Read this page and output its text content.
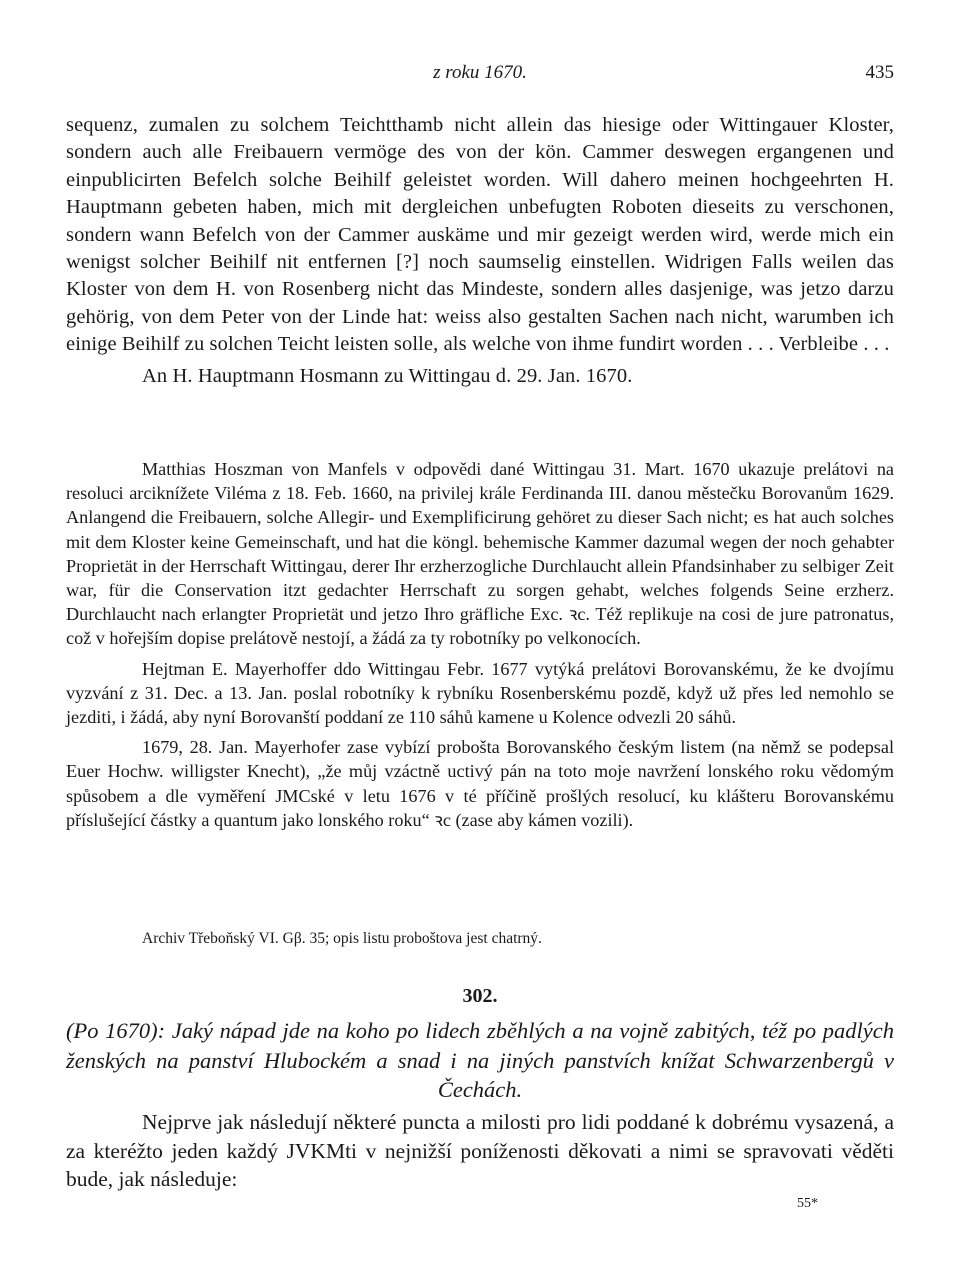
z roku 1670.	435

sequenz, zumalen zu solchem Teichtthamb nicht allein das hiesige oder Wittingauer Kloster, sondern auch alle Freibauern vermöge des von der kön. Cammer deswegen ergangenen und einpublicirten Befelch solche Beihilf geleistet worden. Will dahero meinen hochgeehrten H. Hauptmann gebeten haben, mich mit dergleichen unbefugten Roboten dieseits zu verschonen, sondern wann Befelch von der Cammer auskäme und mir gezeigt werden wird, werde mich ein wenigst solcher Beihilf nit entfernen [?] noch saumselig einstellen. Widrigen Falls weilen das Kloster von dem H. von Rosenberg nicht das Mindeste, sondern alles dasjenige, was jetzo darzu gehörig, von dem Peter von der Linde hat: weiss also gestalten Sachen nach nicht, warumben ich einige Beihilf zu solchen Teicht leisten solle, als welche von ihme fundirt worden . . . Verbleibe . . .

An H. Hauptmann Hosmann zu Wittingau d. 29. Jan. 1670.

Matthias Hoszman von Manfels v odpovědi dané Wittingau 31. Mart. 1670 ukazuje prelátovi na resoluci arciknížete Viléma z 18. Feb. 1660, na privilej krále Ferdinanda III. danou městečku Borovanům 1629. Anlangend die Freibauern, solche Allegir- und Exemplificirung gehöret zu dieser Sach nicht; es hat auch solches mit dem Kloster keine Gemeinschaft, und hat die köngl. behemische Kammer dazumal wegen der noch gehabter Proprietät in der Herrschaft Wittingau, derer Ihr erzherzogliche Durchlaucht allein Pfandsinhaber zu selbiger Zeit war, für die Conservation itzt gedachter Herrschaft zu sorgen gehabt, welches folgends Seine erzherz. Durchlaucht nach erlangter Proprietät und jetzo Ihro gräfliche Exc. ꝛc. Též replikuje na cosi de jure patronatus, což v hořejším dopise prelátově nestojí, a žádá za ty robotníky po velkonocích.

Hejtman E. Mayerhoffer ddo Wittingau Febr. 1677 vytýká prelátovi Borovanskému, že ke dvojímu vyzvání z 31. Dec. a 13. Jan. poslal robotníky k rybníku Rosenberskému pozdě, když už přes led nemohlo se jezditi, i žádá, aby nyní Borovanští poddaní ze 110 sáhů kamene u Kolence odvezli 20 sáhů.

1679, 28. Jan. Mayerhofer zase vybízí probošta Borovanského českým listem (na němž se podepsal Euer Hochw. willigster Knecht), „že můj vzáctně uctivý pán na toto moje navržení lonského roku vědomým spůsobem a dle vyměření JMCské v letu 1676 v té příčině prošlých resolucí, ku klášteru Borovanskému příslušející částky a quantum jako lonského roku“ ꝛc (zase aby kámen vozili).

Archiv Třeboňský VI. Gβ. 35; opis listu proboštova jest chatrný.
302.
(Po 1670): Jaký nápad jde na koho po lidech zběhlých a na vojně zabitých, též po padlých ženských na panství Hlubockém a snad i na jiných panstvích knížat Schwarzenbergů v Čechách.
Nejprve jak následují některé puncta a milosti pro lidi poddané k dobrému vysazená, a za kteréžto jeden každý JVKMti v nejnižší poníženosti děkovati a nimi se spravovati věděti bude, jak následuje:
55*
